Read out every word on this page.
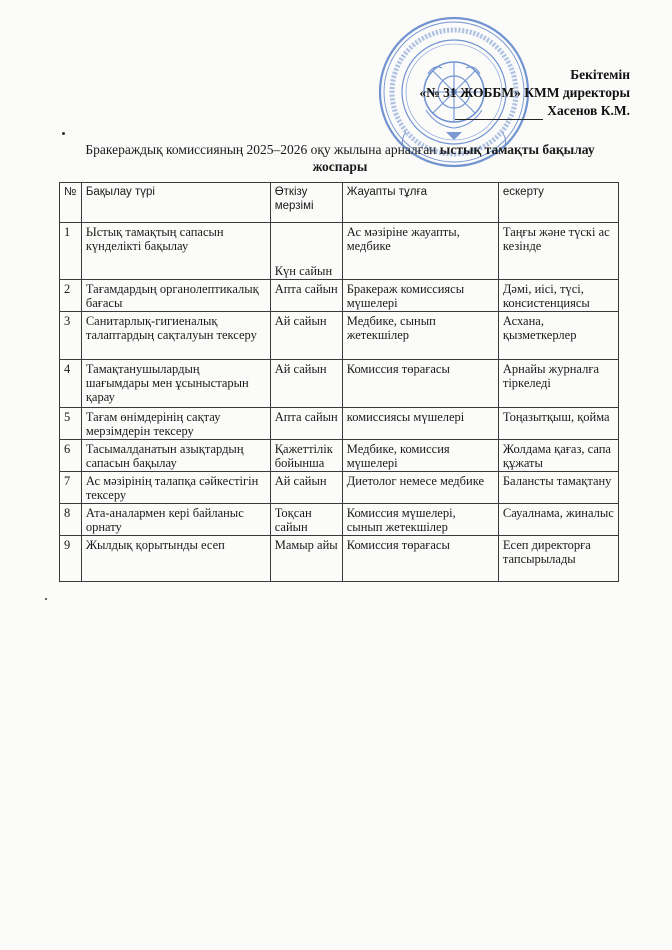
Бекітемін
«№ 31 ЖОББМ» КММ директоры
Хасенов К.М.
Бракераждық комиссияның 2025–2026 оқу жылына арналған ыстық тамақты бақылау жоспары
№	Бақылау түрі	Өткізу мерзімі	Жауапты тұлға	ескерту
1	Ыстық тамақтың сапасын күнделікті бақылау	Күн сайын	Ас мәзіріне жауапты, медбике	Таңғы және түскі ас кезінде
2	Тағамдардың органолептикалық бағасы	Апта сайын	Бракераж комиссиясы мүшелері	Дәмі, иісі, түсі, консистенциясы
3	Санитарлық-гигиеналық талаптардың сақталуын тексеру	Ай сайын	Медбике, сынып жетекшілер	Асхана, қызметкерлер
4	Тамақтанушылардың шағымдары мен ұсыныстарын қарау	Ай сайын	Комиссия төрағасы	Арнайы журналға тіркеледі
5	Тағам өнімдерінің сақтау мерзімдерін тексеру	Апта сайын	комиссиясы мүшелері	Тоңазытқыш, қойма
6	Тасымалданатын азықтардың сапасын бақылау	Қажеттілік бойынша	Медбике, комиссия мүшелері	Жолдама қағаз, сапа құжаты
7	Ас мәзірінің талапқа сәйкестігін тексеру	Ай сайын	Диетолог немесе медбике	Балансты тамақтану
8	Ата-аналармен кері байланыс орнату	Тоқсан сайын	Комиссия мүшелері, сынып жетекшілер	Сауалнама, жиналыс
9	Жылдық қорытынды есеп	Мамыр айы	Комиссия төрағасы	Есеп директорға тапсырылады
